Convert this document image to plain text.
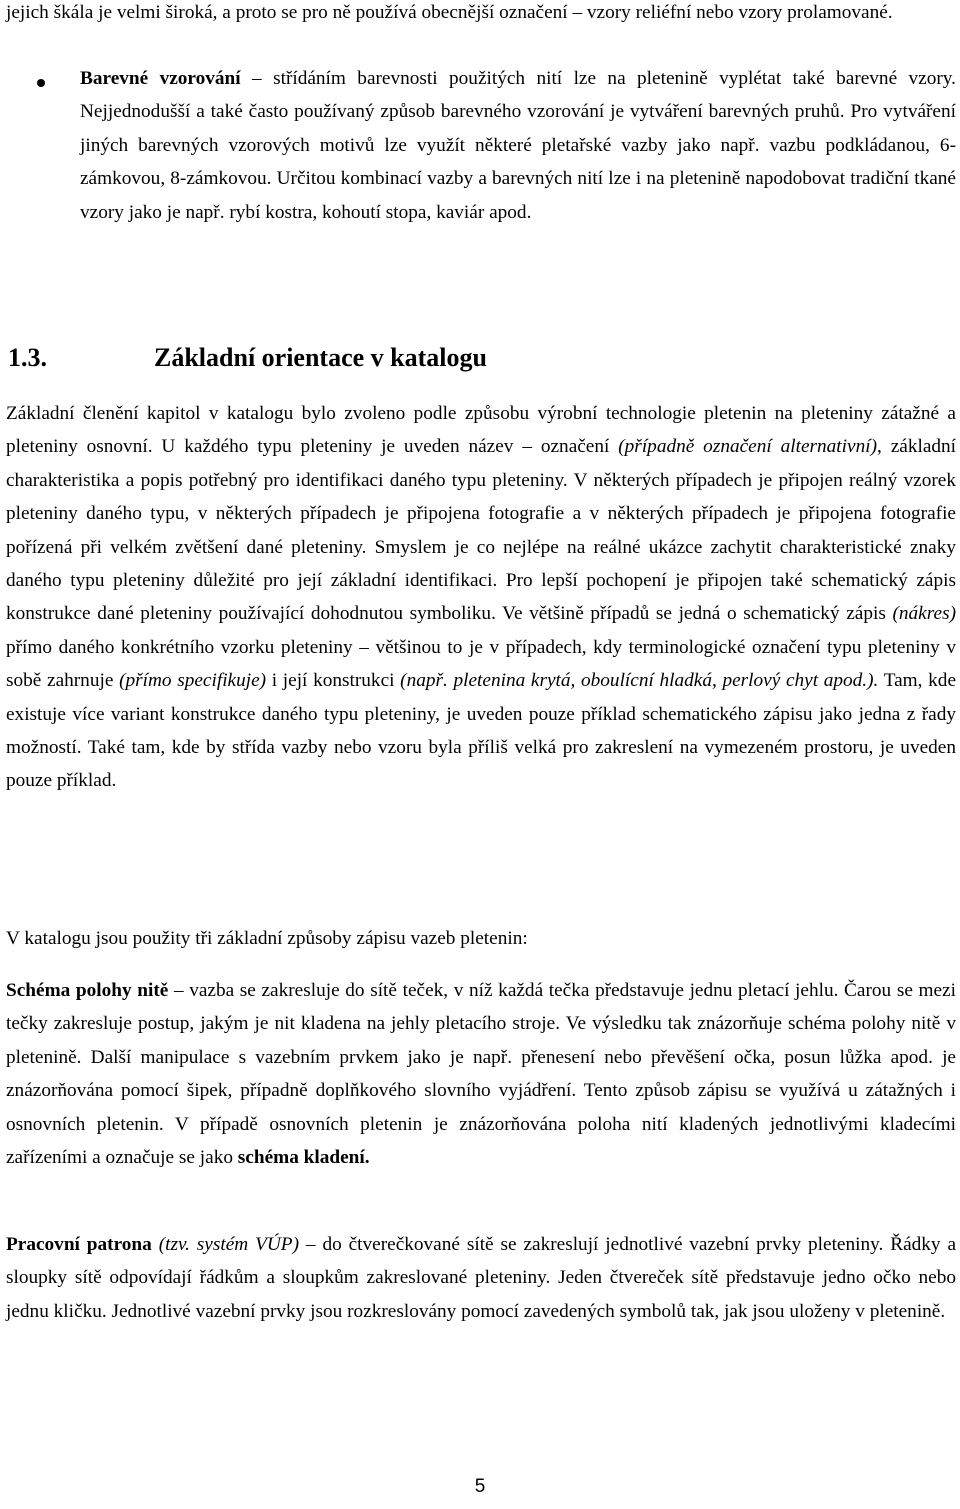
jejich škála je velmi široká, a proto se pro ně používá obecnější označení – vzory reliéfní nebo vzory prolamované.

Barevné vzorování – střídáním barevnosti použitých nití lze na pletenině vyplétat také barevné vzory. Nejjednodušší a také často používaný způsob barevného vzorování je vytváření barevných pruhů. Pro vytváření jiných barevných vzorových motivů lze využít některé pletařské vazby jako např. vazbu podkládanou, 6-zámkovou, 8-zámkovou. Určitou kombinací vazby a barevných nití lze i na pletenině napodobovat tradiční tkané vzory jako je např. rybí kostra, kohoutí stopa, kaviár apod.

1.3.	Základní orientace v katalogu

Základní členění kapitol v katalogu bylo zvoleno podle způsobu výrobní technologie pletenin na pleteniny zátažné a pleteniny osnovní. U každého typu pleteniny je uveden název – označení (případně označení alternativní), základní charakteristika a popis potřebný pro identifikaci daného typu pleteniny. V některých případech je připojen reálný vzorek pleteniny daného typu, v některých případech je připojena fotografie a v některých případech je připojena fotografie pořízená při velkém zvětšení dané pleteniny. Smyslem je co nejlépe na reálné ukázce zachytit charakteristické znaky daného typu pleteniny důležité pro její základní identifikaci. Pro lepší pochopení je připojen také schematický zápis konstrukce dané pleteniny používající dohodnutou symboliku. Ve většině případů se jedná o schematický zápis (nákres) přímo daného konkrétního vzorku pleteniny – většinou to je v případech, kdy terminologické označení typu pleteniny v sobě zahrnuje (přímo specifikuje) i její konstrukci (např. pletenina krytá, oboulícní hladká, perlový chyt apod.). Tam, kde existuje více variant konstrukce daného typu pleteniny, je uveden pouze příklad schematického zápisu jako jedna z řady možností. Také tam, kde by střída vazby nebo vzoru byla příliš velká pro zakreslení na vymezeném prostoru, je uveden pouze příklad.

V katalogu jsou použity tři základní způsoby zápisu vazeb pletenin:

Schéma polohy nitě – vazba se zakresluje do sítě teček, v níž každá tečka představuje jednu pletací jehlu. Čarou se mezi tečky zakresluje postup, jakým je nit kladena na jehly pletacího stroje. Ve výsledku tak znázorňuje schéma polohy nitě v pletenině. Další manipulace s vazebním prvkem jako je např. přenesení nebo převěšení očka, posun lůžka apod. je znázorňována pomocí šipek, případně doplňkového slovního vyjádření. Tento způsob zápisu se využívá u zátažných i osnovních pletenin. V případě osnovních pletenin je znázorňována poloha nití kladených jednotlivými kladecími zařízeními a označuje se jako schéma kladení.

Pracovní patrona (tzv. systém VÚP) – do čtverečkované sítě se zakreslují jednotlivé vazební prvky pleteniny. Řádky a sloupky sítě odpovídají řádkům a sloupkům zakreslované pleteniny. Jeden čtvereček sítě představuje jedno očko nebo jednu kličku. Jednotlivé vazební prvky jsou rozkreslovány pomocí zavedených symbolů tak, jak jsou uloženy v pletenině.

5
